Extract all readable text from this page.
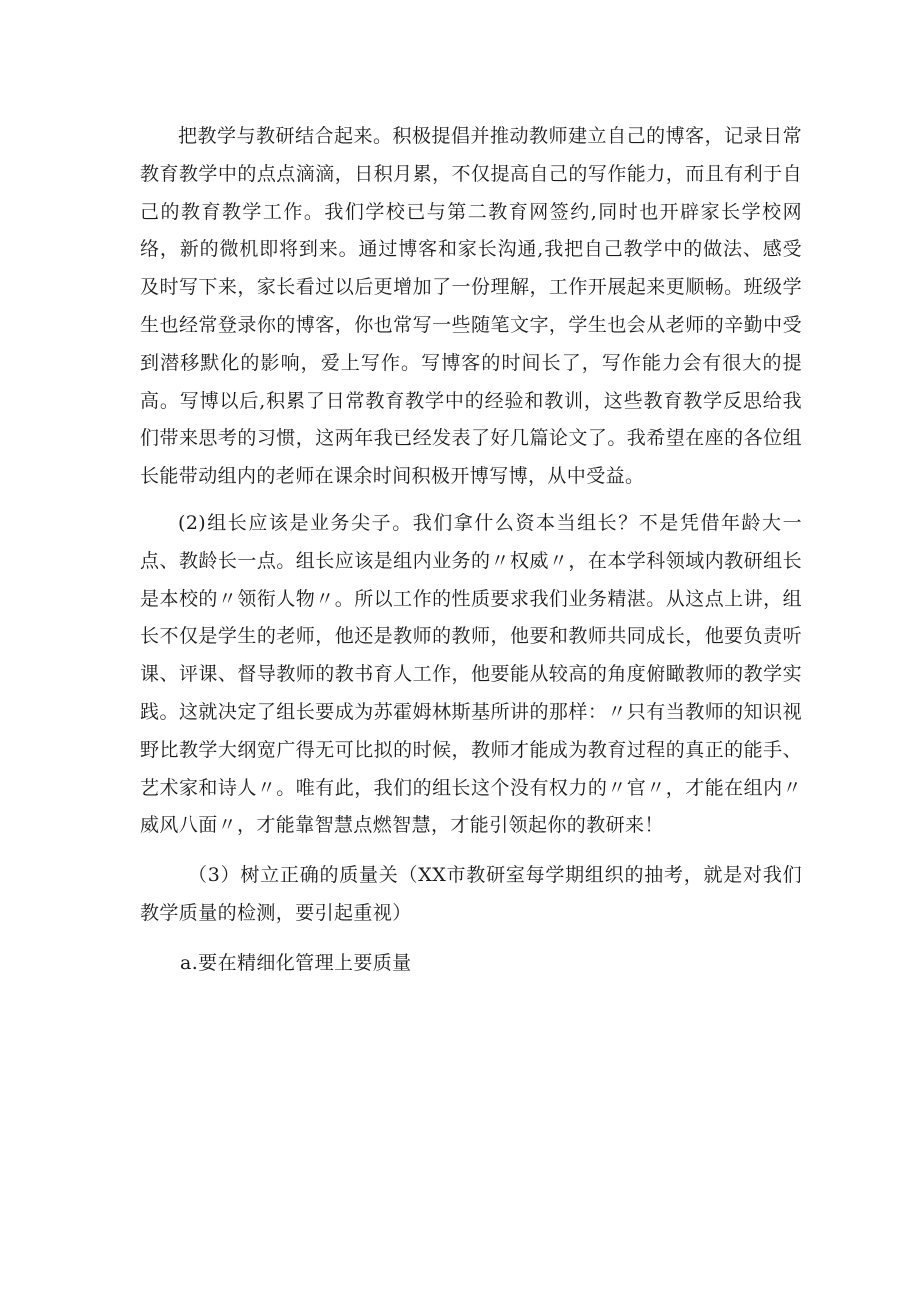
把教学与教研结合起来。积极提倡并推动教师建立自己的博客，记录日常教育教学中的点点滴滴，日积月累，不仅提高自己的写作能力，而且有利于自己的教育教学工作。我们学校已与第二教育网签约,同时也开辟家长学校网络，新的微机即将到来。通过博客和家长沟通,我把自己教学中的做法、感受及时写下来，家长看过以后更增加了一份理解，工作开展起来更顺畅。班级学生也经常登录你的博客，你也常写一些随笔文字，学生也会从老师的辛勤中受到潜移默化的影响，爱上写作。写博客的时间长了，写作能力会有很大的提高。写博以后,积累了日常教育教学中的经验和教训，这些教育教学反思给我们带来思考的习惯，这两年我已经发表了好几篇论文了。我希望在座的各位组长能带动组内的老师在课余时间积极开博写博，从中受益。

(2)组长应该是业务尖子。我们拿什么资本当组长？不是凭借年龄大一点、教龄长一点。组长应该是组内业务的〃权威〃，在本学科领域内教研组长是本校的〃领衔人物〃。所以工作的性质要求我们业务精湛。从这点上讲，组长不仅是学生的老师，他还是教师的教师，他要和教师共同成长，他要负责听课、评课、督导教师的教书育人工作，他要能从较高的角度俯瞰教师的教学实践。这就决定了组长要成为苏霍姆林斯基所讲的那样：〃只有当教师的知识视野比教学大纲宽广得无可比拟的时候，教师才能成为教育过程的真正的能手、艺术家和诗人〃。唯有此，我们的组长这个没有权力的〃官〃，才能在组内〃威风八面〃，才能靠智慧点燃智慧，才能引领起你的教研来！

（3）树立正确的质量关（XX市教研室每学期组织的抽考，就是对我们教学质量的检测，要引起重视）

a.要在精细化管理上要质量
